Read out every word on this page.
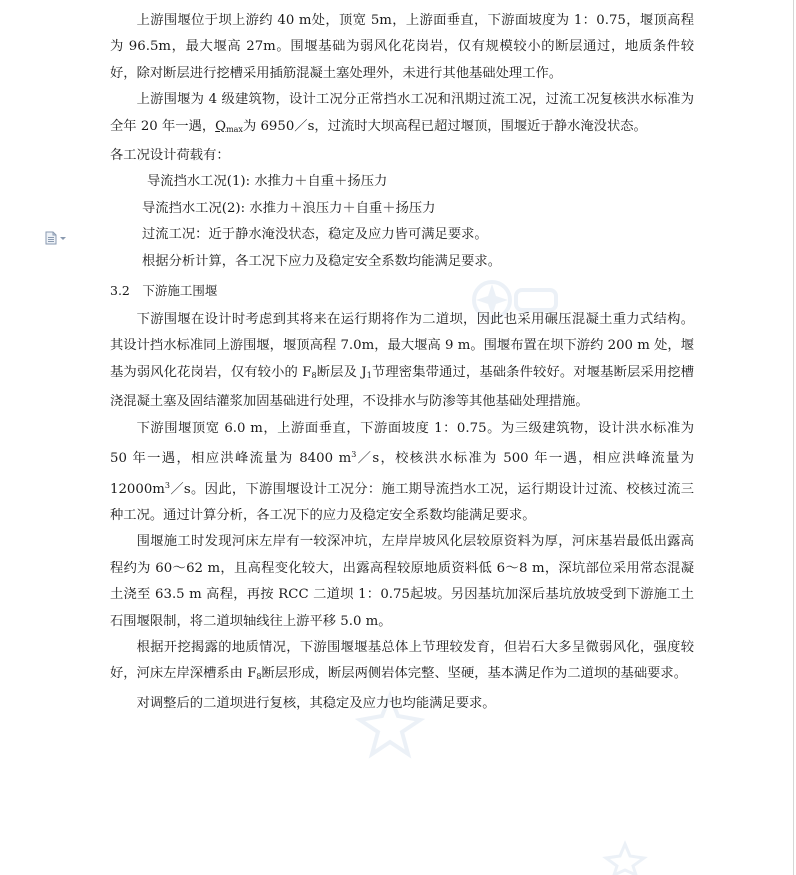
上游围堰位于坝上游约 40 m处，顶宽 5m，上游面垂直，下游面坡度为 1：0.75，堰顶高程为 96.5m，最大堰高 27m。围堰基础为弱风化花岗岩，仅有规模较小的断层通过，地质条件较好，除对断层进行挖槽采用插筋混凝土塞处理外，未进行其他基础处理工作。

上游围堰为 4 级建筑物，设计工况分正常挡水工况和汛期过流工况，过流工况复核洪水标准为全年 20 年一遇，$Q_{max}$为 6950／s，过流时大坝高程已超过堰顶，围堰近于静水淹没状态。

各工况设计荷载有：

导流挡水工况(1): 水推力＋自重＋扬压力

导流挡水工况(2): 水推力＋浪压力＋自重＋扬压力

过流工况：近于静水淹没状态，稳定及应力皆可满足要求。

根据分析计算，各工况下应力及稳定安全系数均能满足要求。

3.2　下游施工围堰

下游围堰在设计时考虑到其将来在运行期将作为二道坝，因此也采用碾压混凝土重力式结构。其设计挡水标准同上游围堰，堰顶高程 7.0m，最大堰高 9 m。围堰布置在坝下游约 200 m 处，堰基为弱风化花岗岩，仅有较小的 $F_8$断层及 $J_1$节理密集带通过，基础条件较好。对堰基断层采用挖槽浇混凝土塞及固结灌浆加固基础进行处理，不设排水与防渗等其他基础处理措施。

下游围堰顶宽 6.0 m，上游面垂直，下游面坡度 1：0.75。为三级建筑物，设计洪水标准为 50 年一遇，相应洪峰流量为 8400 $m^3/s$，校核洪水标准为 500 年一遇，相应洪峰流量为 $12000m^3/s$。因此，下游围堰设计工况分：施工期导流挡水工况，运行期设计过流、校核过流三种工况。通过计算分析，各工况下的应力及稳定安全系数均能满足要求。

围堰施工时发现河床左岸有一较深冲坑，左岸岸坡风化层较原资料为厚，河床基岩最低出露高程约为 60～62 m，且高程变化较大，出露高程较原地质资料低 6～8 m，深坑部位采用常态混凝土浇至 63.5 m 高程，再按 RCC 二道坝 1：0.75起坡。另因基坑加深后基坑放坡受到下游施工土石围堰限制，将二道坝轴线往上游平移 5.0 m。

根据开挖揭露的地质情况，下游围堰堰基总体上节理较发育，但岩石大多呈微弱风化，强度较好，河床左岸深槽系由 $F_8$断层形成，断层两侧岩体完整、坚硬，基本满足作为二道坝的基础要求。

对调整后的二道坝进行复核，其稳定及应力也均能满足要求。
